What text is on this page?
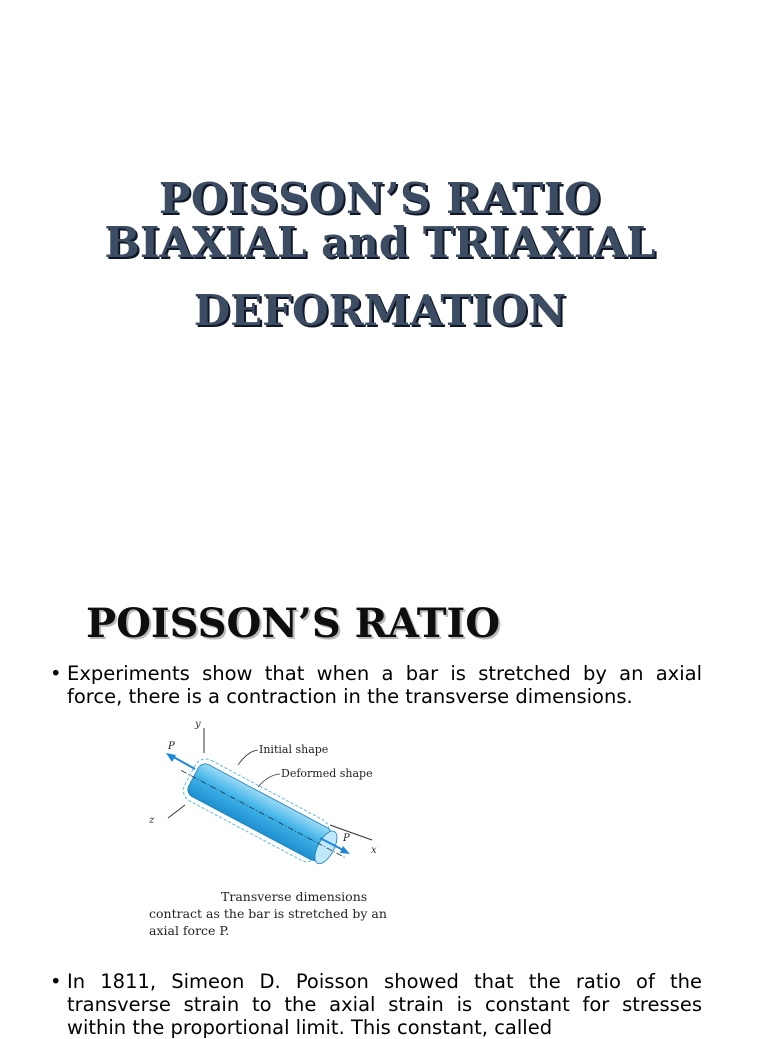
POISSON’S RATIO
BIAXIAL and TRIAXIAL
DEFORMATION
POISSON’S RATIO
• Experiments show that when a bar is stretched by an axial force, there is a contraction in the transverse dimensions.
y
z
x
P
P
Initial shape
Deformed shape
Transverse dimensions
contract as the bar is stretched by an
axial force P.
• In 1811, Simeon D. Poisson showed that the ratio of the transverse strain to the axial strain is constant for stresses within the proportional limit. This constant, called
